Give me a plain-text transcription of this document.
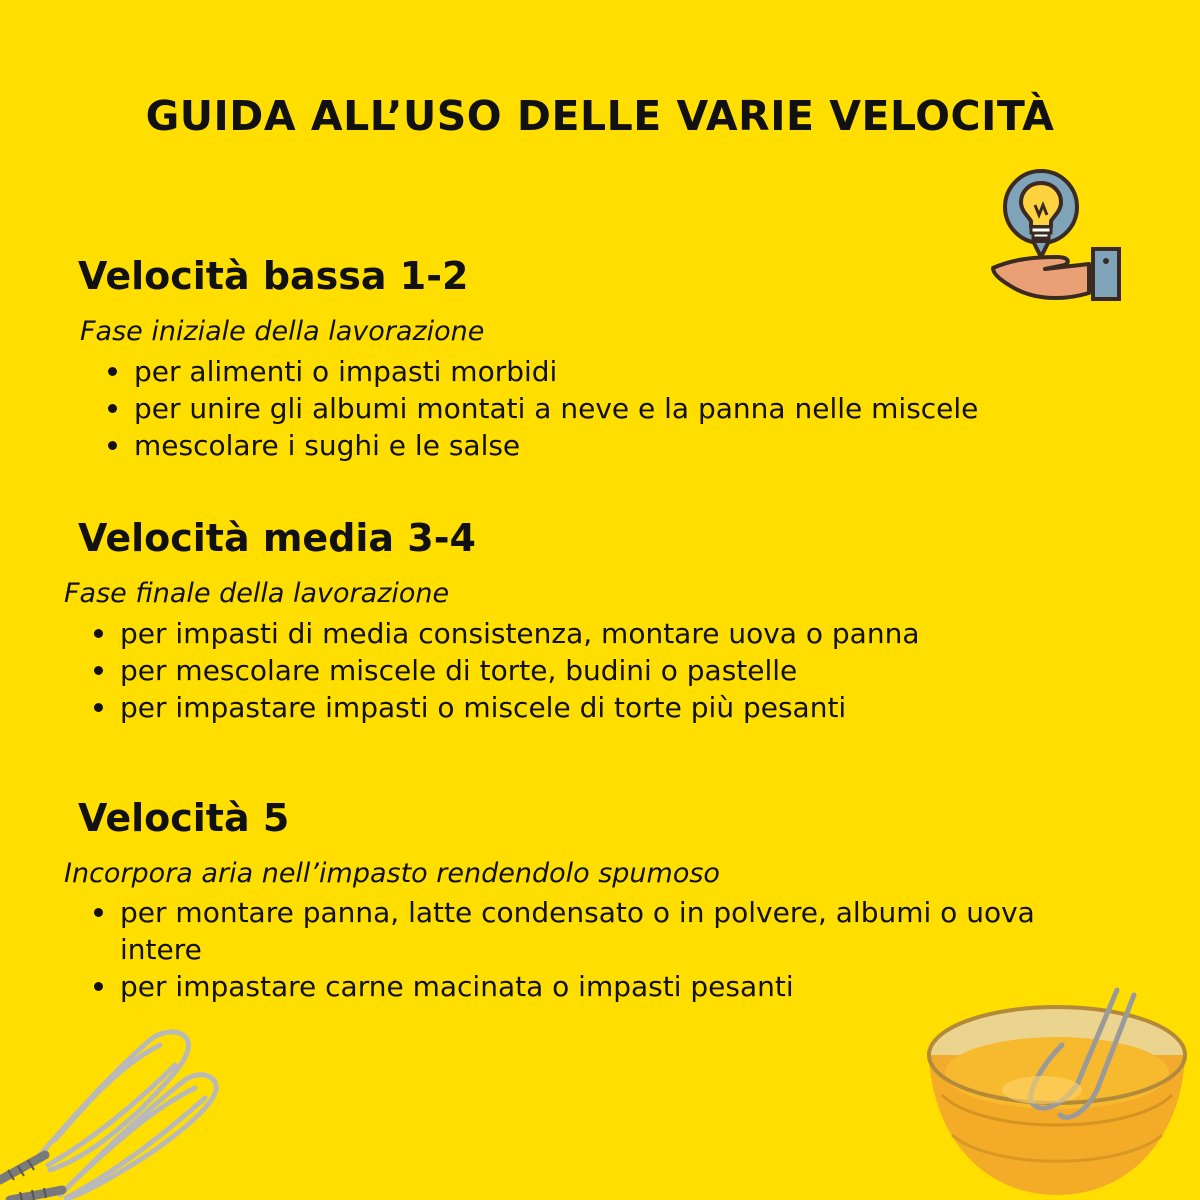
GUIDA ALL’USO DELLE VARIE VELOCITÀ
Velocità bassa 1-2
Fase iniziale della lavorazione
per alimenti o impasti morbidi
per unire gli albumi montati a neve e la panna nelle miscele
mescolare i sughi e le salse
Velocità media 3-4
Fase finale della lavorazione
per impasti di media consistenza, montare uova o panna
per mescolare miscele di torte, budini o pastelle
per impastare impasti o miscele di torte più pesanti
Velocità 5
Incorpora aria nell’impasto rendendolo spumoso
per montare panna, latte condensato o in polvere, albumi o uova intere
per impastare carne macinata o impasti pesanti
